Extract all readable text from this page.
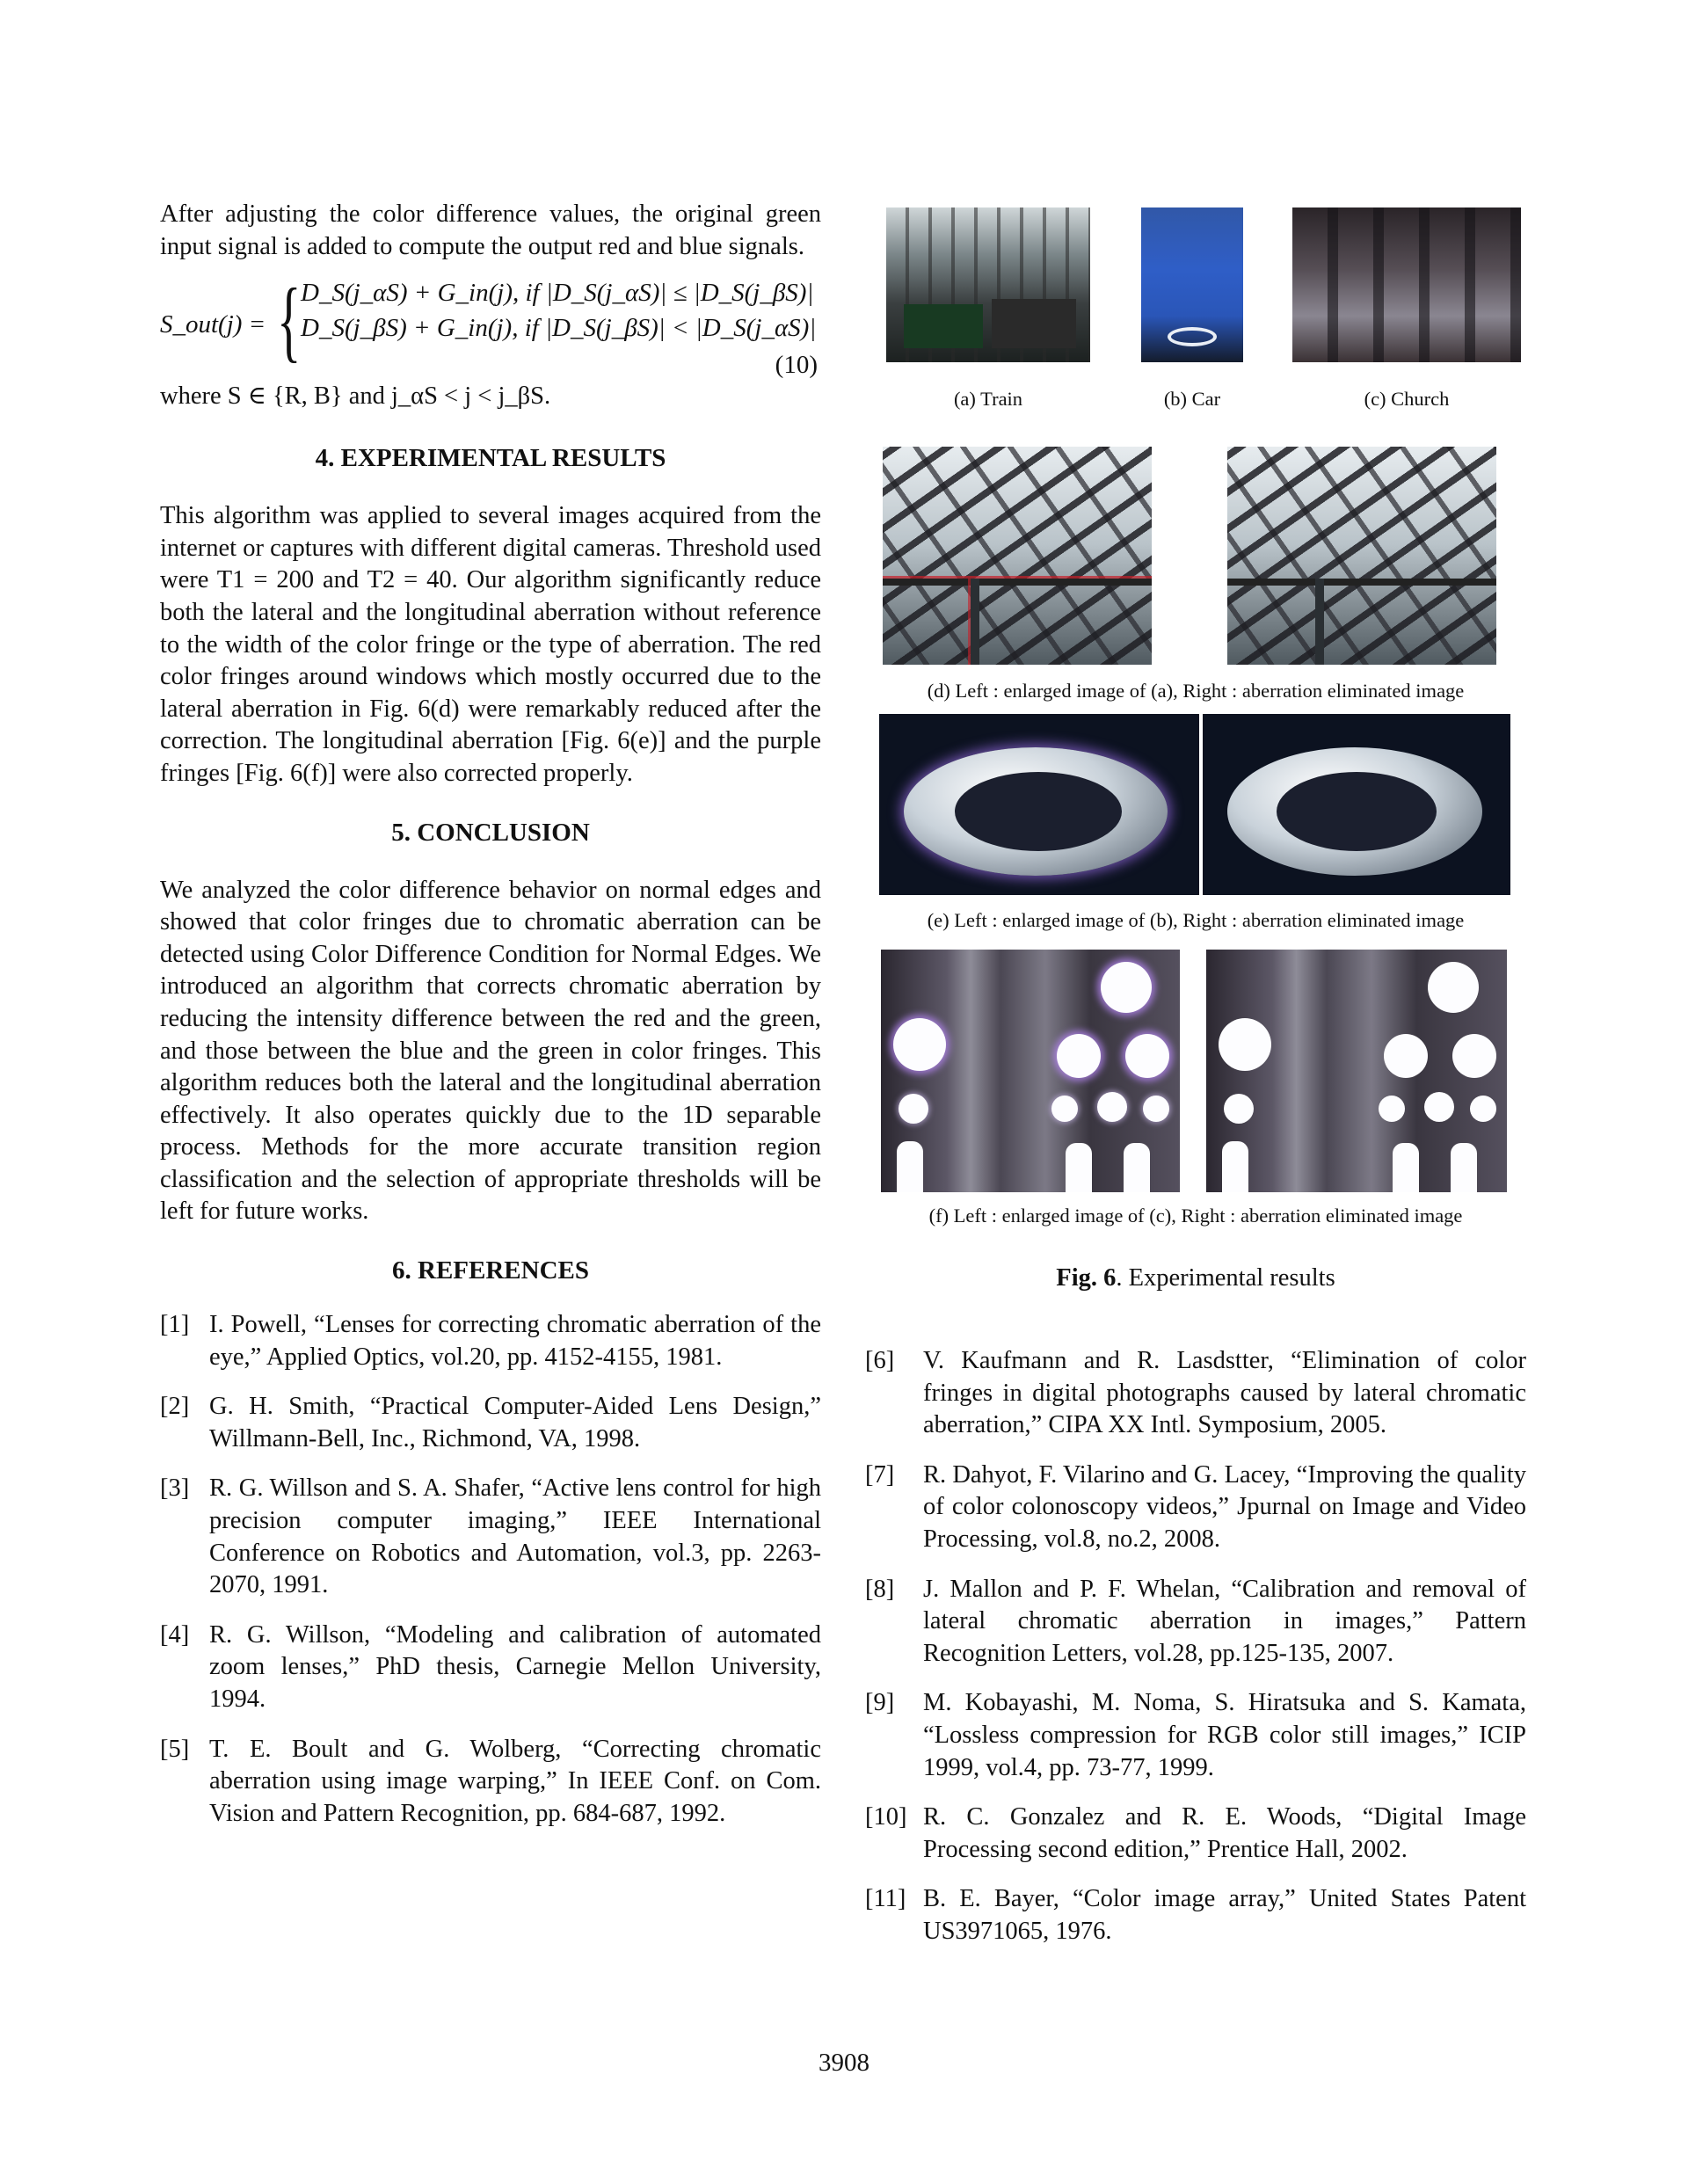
After adjusting the color difference values, the original green input signal is added to compute the output red and blue signals.

S_out(j) = { D_S(j_αS) + G_in(j), if |D_S(j_αS)| ≤ |D_S(j_βS)|
D_S(j_βS) + G_in(j), if |D_S(j_βS)| < |D_S(j_αS)|
(10)
where S ∈ {R, B} and j_αS < j < j_βS.
4. EXPERIMENTAL RESULTS

This algorithm was applied to several images acquired from the internet or captures with different digital cameras. Threshold used were T1 = 200 and T2 = 40. Our algorithm significantly reduce both the lateral and the longitudinal aberration without reference to the width of the color fringe or the type of aberration. The red color fringes around windows which mostly occurred due to the lateral aberration in Fig. 6(d) were remarkably reduced after the correction. The longitudinal aberration [Fig. 6(e)] and the purple fringes [Fig. 6(f)] were also corrected properly.

5. CONCLUSION

We analyzed the color difference behavior on normal edges and showed that color fringes due to chromatic aberration can be detected using Color Difference Condition for Normal Edges. We introduced an algorithm that corrects chromatic aberration by reducing the intensity difference between the red and the green, and those between the blue and the green in color fringes. This algorithm reduces both the lateral and the longitudinal aberration effectively. It also operates quickly due to the 1D separable process. Methods for the more accurate transition region classification and the selection of appropriate thresholds will be left for future works.

6. REFERENCES
[1] I. Powell, “Lenses for correcting chromatic aberration of the eye,” Applied Optics, vol.20, pp. 4152-4155, 1981.
[2] G. H. Smith, “Practical Computer-Aided Lens Design,” Willmann-Bell, Inc., Richmond, VA, 1998.
[3] R. G. Willson and S. A. Shafer, “Active lens control for high precision computer imaging,” IEEE International Conference on Robotics and Automation, vol.3, pp. 2263-2070, 1991.
[4] R. G. Willson, “Modeling and calibration of automated zoom lenses,” PhD thesis, Carnegie Mellon University, 1994.
[5] T. E. Boult and G. Wolberg, “Correcting chromatic aberration using image warping,” In IEEE Conf. on Com. Vision and Pattern Recognition, pp. 684-687, 1992.
(a) Train	(b) Car	(c) Church
(d) Left : enlarged image of (a), Right : aberration eliminated image
(e) Left : enlarged image of (b), Right : aberration eliminated image
(f) Left : enlarged image of (c), Right : aberration eliminated image
Fig. 6. Experimental results
[6] V. Kaufmann and R. Lasdstter, “Elimination of color fringes in digital photographs caused by lateral chromatic aberration,” CIPA XX Intl. Symposium, 2005.
[7] R. Dahyot, F. Vilarino and G. Lacey, “Improving the quality of color colonoscopy videos,” Jpurnal on Image and Video Processing, vol.8, no.2, 2008.
[8] J. Mallon and P. F. Whelan, “Calibration and removal of lateral chromatic aberration in images,” Pattern Recognition Letters, vol.28, pp.125-135, 2007.
[9] M. Kobayashi, M. Noma, S. Hiratsuka and S. Kamata, “Lossless compression for RGB color still images,” ICIP 1999, vol.4, pp. 73-77, 1999.
[10] R. C. Gonzalez and R. E. Woods, “Digital Image Processing second edition,” Prentice Hall, 2002.
[11] B. E. Bayer, “Color image array,” United States Patent US3971065, 1976.
3908
